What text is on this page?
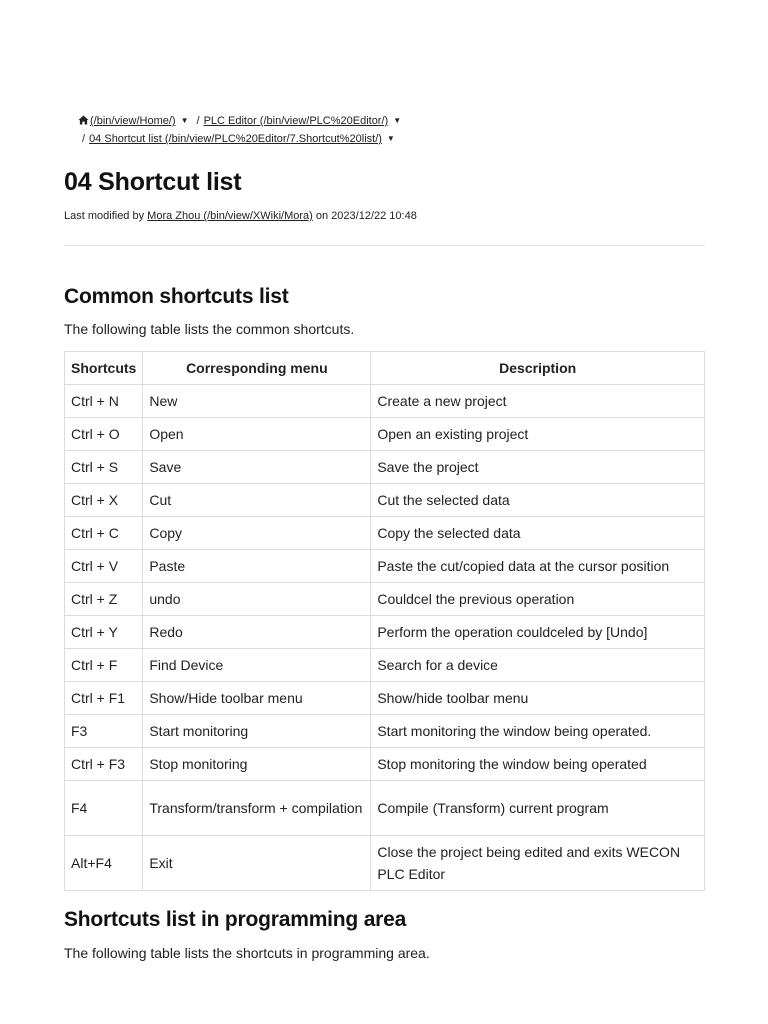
(/bin/view/Home/) ▼ / PLC Editor (/bin/view/PLC%20Editor/) ▼
/ 04 Shortcut list (/bin/view/PLC%20Editor/7.Shortcut%20list/) ▼
04 Shortcut list
Last modified by Mora Zhou (/bin/view/XWiki/Mora) on 2023/12/22 10:48
Common shortcuts list

The following table lists the common shortcuts.

Shortcuts	Corresponding menu	Description
Ctrl + N	New	Create a new project
Ctrl + O	Open	Open an existing project
Ctrl + S	Save	Save the project
Ctrl + X	Cut	Cut the selected data
Ctrl + C	Copy	Copy the selected data
Ctrl + V	Paste	Paste the cut/copied data at the cursor position
Ctrl + Z	undo	Couldcel the previous operation
Ctrl + Y	Redo	Perform the operation couldceled by [Undo]
Ctrl + F	Find Device	Search for a device
Ctrl + F1	Show/Hide toolbar menu	Show/hide toolbar menu
F3	Start monitoring	Start monitoring the window being operated.
Ctrl + F3	Stop monitoring	Stop monitoring the window being operated
F4	Transform/transform + compilation	Compile (Transform) current program
Alt+F4	Exit	Close the project being edited and exits WECON PLC Editor
Shortcuts list in programming area

The following table lists the shortcuts in programming area.
